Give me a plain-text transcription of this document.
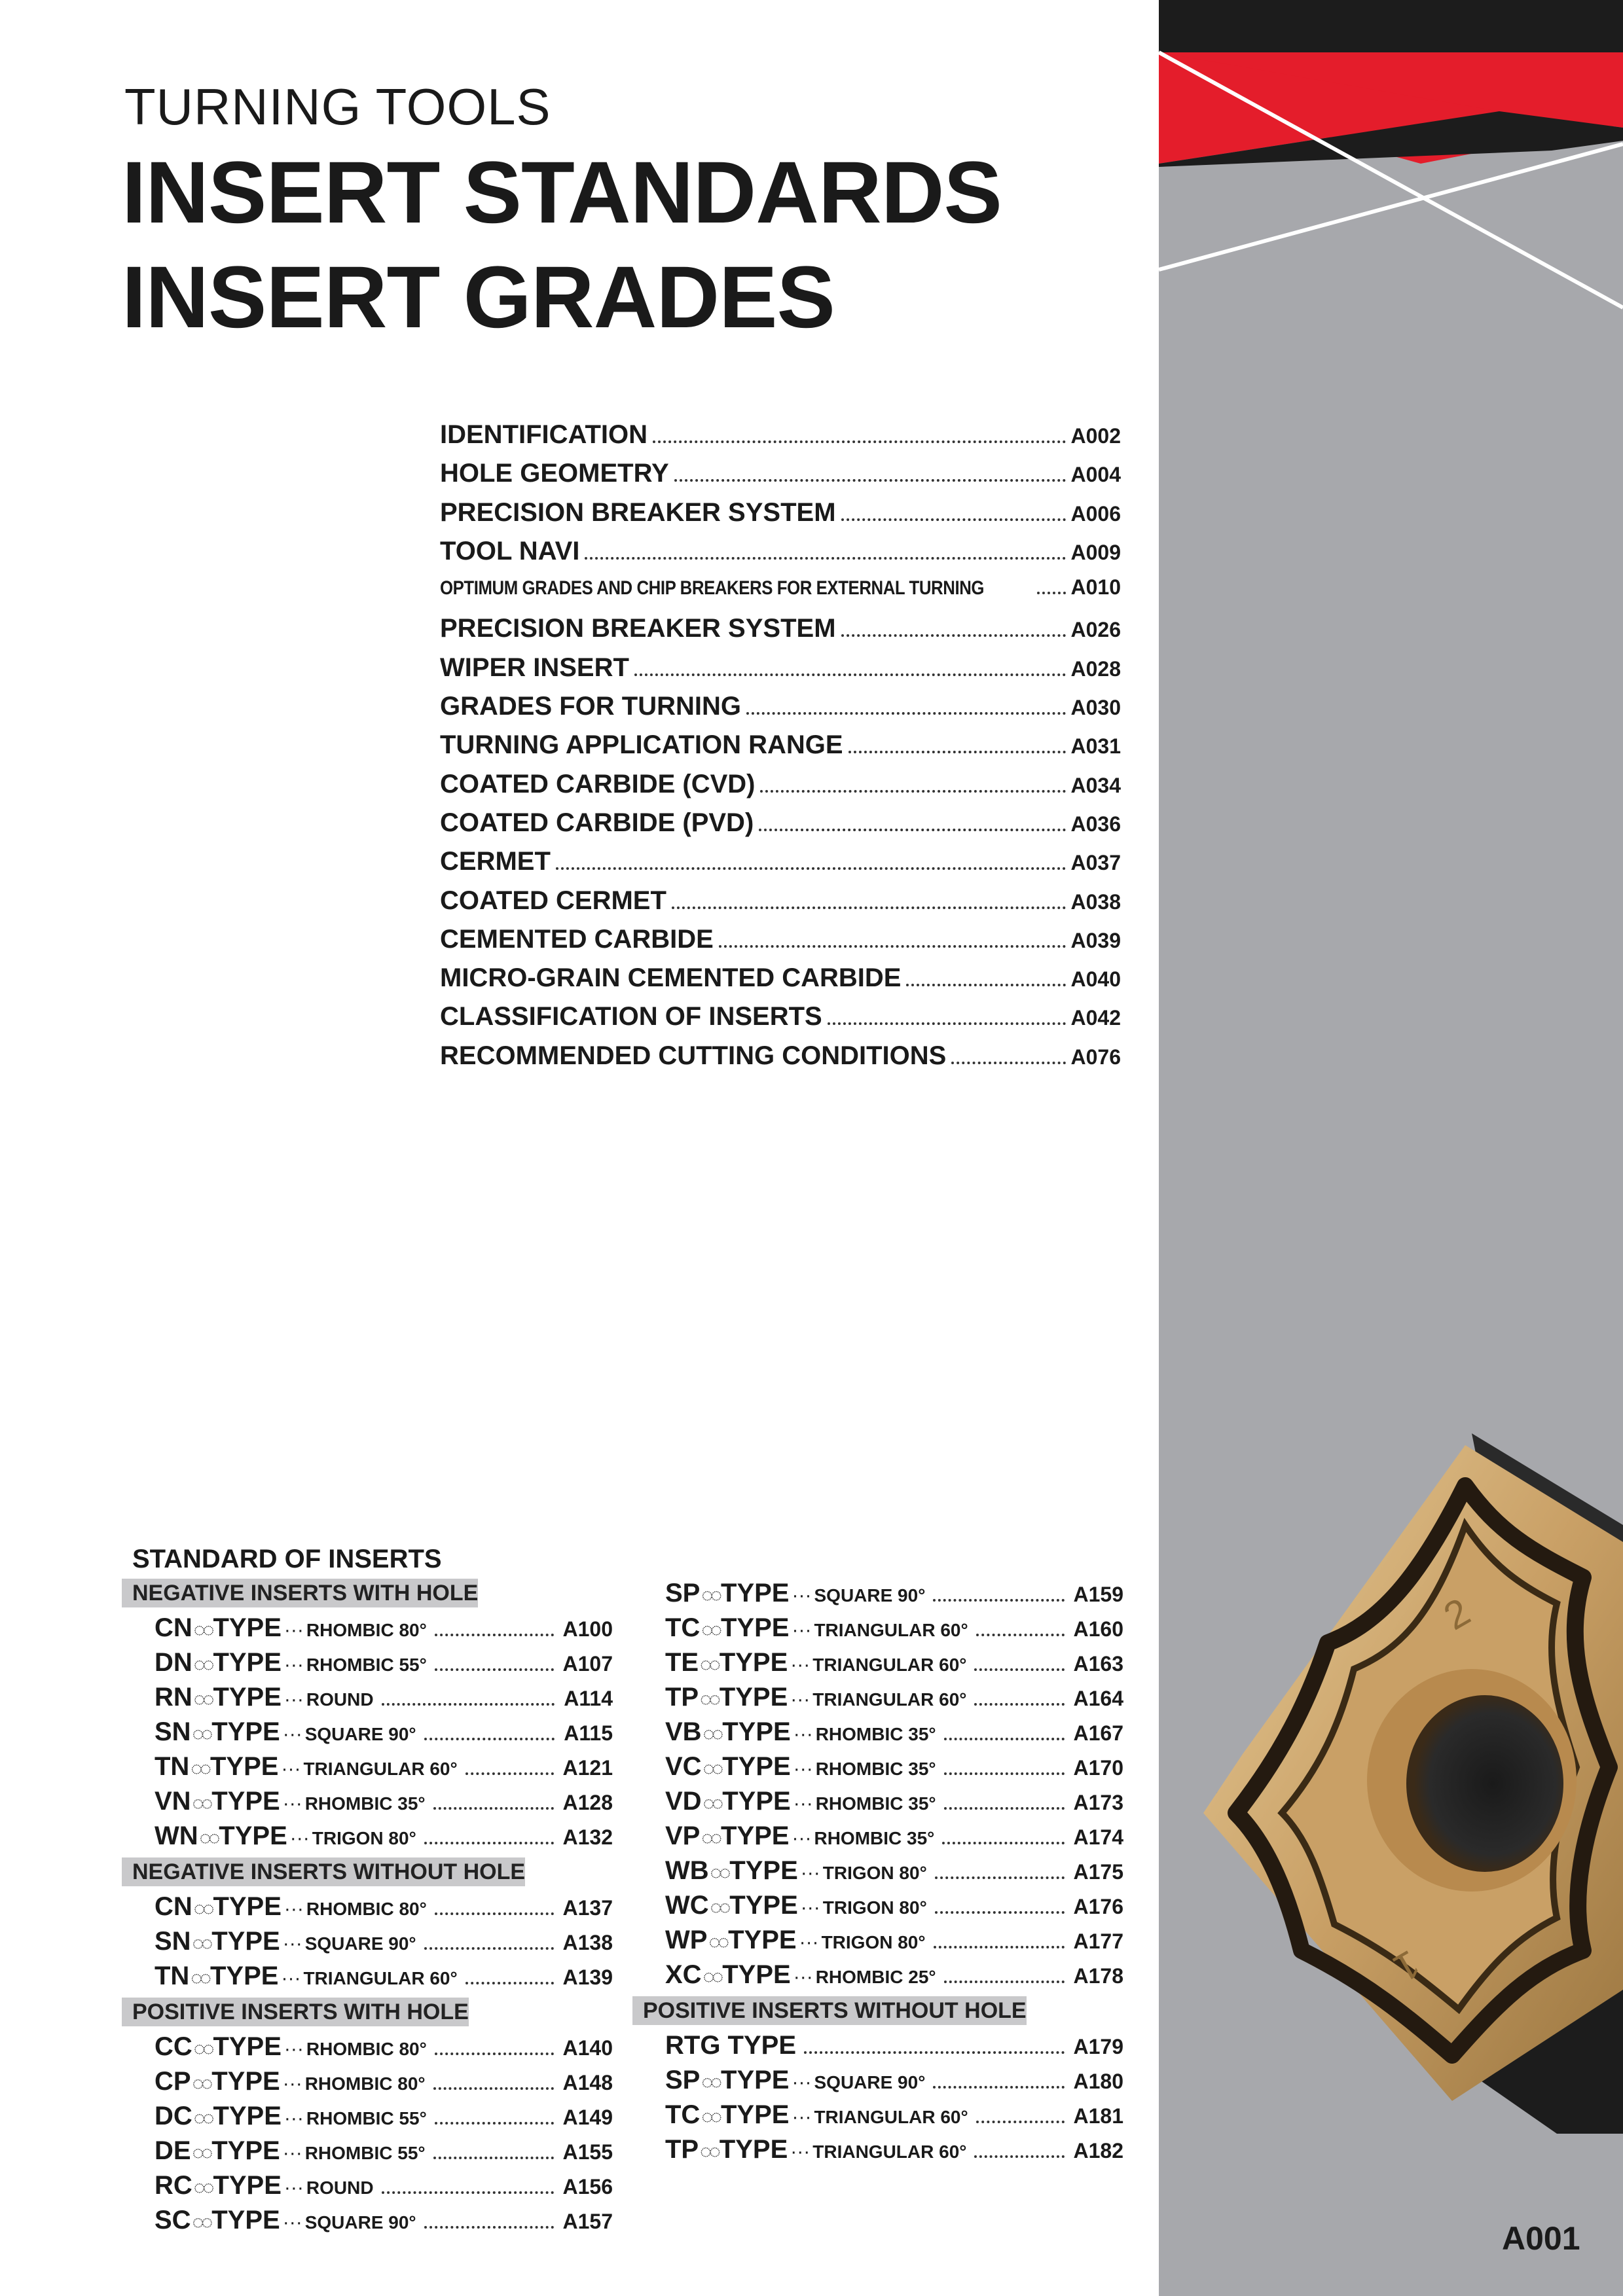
TURNING TOOLS
INSERT STANDARDS
INSERT GRADES
IDENTIFICATION	A002
HOLE GEOMETRY	A004
PRECISION BREAKER SYSTEM	A006
TOOL NAVI	A009
OPTIMUM GRADES AND CHIP BREAKERS FOR EXTERNAL TURNING	A010
PRECISION BREAKER SYSTEM	A026
WIPER INSERT	A028
GRADES FOR TURNING	A030
TURNING APPLICATION RANGE	A031
COATED CARBIDE (CVD)	A034
COATED CARBIDE (PVD)	A036
CERMET	A037
COATED CERMET	A038
CEMENTED CARBIDE	A039
MICRO-GRAIN CEMENTED CARBIDE	A040
CLASSIFICATION OF INSERTS	A042
RECOMMENDED CUTTING CONDITIONS	A076
STANDARD OF INSERTS
NEGATIVE INSERTS WITH HOLE
CN◌◌ TYPE ··· RHOMBIC 80°	A100
DN◌◌ TYPE ··· RHOMBIC 55°	A107
RN◌◌ TYPE ··· ROUND	A114
SN◌◌ TYPE ··· SQUARE 90°	A115
TN◌◌ TYPE ··· TRIANGULAR 60°	A121
VN◌◌ TYPE ··· RHOMBIC 35°	A128
WN◌◌ TYPE ··· TRIGON 80°	A132
NEGATIVE INSERTS WITHOUT HOLE
CN◌◌ TYPE ··· RHOMBIC 80°	A137
SN◌◌ TYPE ··· SQUARE 90°	A138
TN◌◌ TYPE ··· TRIANGULAR 60°	A139
POSITIVE INSERTS WITH HOLE
CC◌◌ TYPE ··· RHOMBIC 80°	A140
CP◌◌ TYPE ··· RHOMBIC 80°	A148
DC◌◌ TYPE ··· RHOMBIC 55°	A149
DE◌◌ TYPE ··· RHOMBIC 55°	A155
RC◌◌ TYPE ··· ROUND	A156
SC◌◌ TYPE ··· SQUARE 90°	A157
SP◌◌ TYPE ··· SQUARE 90°	A159
TC◌◌ TYPE ··· TRIANGULAR 60°	A160
TE◌◌ TYPE ··· TRIANGULAR 60°	A163
TP◌◌ TYPE ··· TRIANGULAR 60°	A164
VB◌◌ TYPE ··· RHOMBIC 35°	A167
VC◌◌ TYPE ··· RHOMBIC 35°	A170
VD◌◌ TYPE ··· RHOMBIC 35°	A173
VP◌◌ TYPE ··· RHOMBIC 35°	A174
WB◌◌ TYPE ··· TRIGON 80°	A175
WC◌◌ TYPE ··· TRIGON 80°	A176
WP◌◌ TYPE ··· TRIGON 80°	A177
XC◌◌ TYPE ··· RHOMBIC 25°	A178
POSITIVE INSERTS WITHOUT HOLE
RTG TYPE	A179
SP◌◌ TYPE ··· SQUARE 90°	A180
TC◌◌ TYPE ··· TRIANGULAR 60°	A181
TP◌◌ TYPE ··· TRIANGULAR 60°	A182
2
1
A001
